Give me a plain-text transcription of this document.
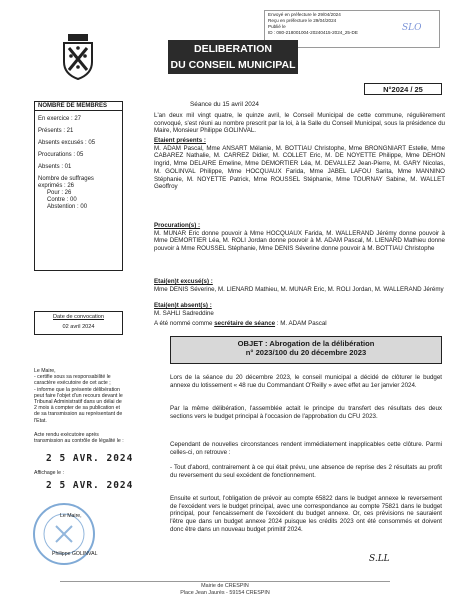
Envoyé en préfecture le 29/04/2024
Reçu en préfecture le 29/04/2024
Publié le
ID : 080-218001004-20240415-2024_25-DE	SLO
DELIBERATION
DU CONSEIL MUNICIPAL
N°2024 / 25
Séance du 15 avril 2024
NOMBRE DE MEMBRES
En exercice : 27
Présents : 21
Absents excusés : 05
Procurations : 05
Absents : 01
Nombre de suffrages exprimés : 26
Pour : 26
Contre : 00
Abstention : 00
L'an deux mil vingt quatre, le quinze avril, le Conseil Municipal de cette commune, régulièrement convoqué, s'est réuni au nombre prescrit par la loi, à la Salle du Conseil Municipal, sous la présidence du Maire, Monsieur Philippe GOLINVAL.
Etaient présents :
M. ADAM Pascal, Mme ANSART Mélanie, M. BOTTIAU Christophe, Mme BRONGNIART Estelle, Mme CABAREZ Nathalie, M. CARREZ Didier, M. COLLET Eric, M. DE NOYETTE Philippe, Mme DEHON Ingrid, Mme DELAIRE Emeline, Mme DEMORTIER Léa, M. DEVALLEZ Jean-Pierre, M. GARY Nicolas, M. GOLINVAL Philippe, Mme HOCQUAUX Farida, Mme JABEL LAFOU Sarita, Mme MANNINO Stéphanie, M. NOYETTE Patrick, Mme ROUSSEL Stéphanie, Mme TOURNAY Sabine, M. WALLET Geoffroy
Procuration(s) :
M. MUNAR Eric donne pouvoir à Mme HOCQUAUX Farida, M. WALLERAND Jérémy donne pouvoir à Mme DEMORTIER Léa, M. ROLI Jordan donne pouvoir à M. ADAM Pascal, M. LIENARD Mathieu donne pouvoir à Mme ROUSSEL Stéphanie, Mme DENIS Séverine donne pouvoir à M. BOTTIAU Christophe
Etai(en)t excusé(s) :
Mme DENIS Séverine, M. LIENARD Mathieu, M. MUNAR Eric, M. ROLI Jordan, M. WALLERAND Jérémy
Etai(en)t absent(s) :
M. SAHLI Sadreddine
A été nommé comme secrétaire de séance : M. ADAM Pascal
Date de convocation
02 avril 2024
Le Maire,
- certifie sous sa responsabilité le caractère exécutoire de cet acte ;
- informe que la présente délibération peut faire l'objet d'un recours devant le Tribunal Administratif dans un délai de 2 mois à compter de sa publication et de sa transmission au représentant de l'Etat.
Acte rendu exécutoire après transmission au contrôle de légalité le :
2 5 AVR. 2024
Affichage le :
2 5 AVR. 2024
Le Maire,
Philippe GOLINVAL
OBJET : Abrogation de la délibération
n° 2023/100 du 20 décembre 2023
Lors de la séance du 20 décembre 2023, le conseil municipal a décidé de clôturer le budget annexe du lotissement « 48 rue du Commandant O'Reilly » avec effet au 1er janvier 2024.
Par la même délibération, l'assemblée actait le principe du transfert des résultats des deux sections vers le budget principal à l'occasion de l'approbation du CFU 2023.
Cependant de nouvelles circonstances rendent immédiatement inapplicables cette clôture. Parmi celles-ci, on retrouve :
- Tout d'abord, contrairement à ce qui était prévu, une absence de reprise des 2 résultats au profit du reversement du seul excédent de fonctionnement.
Ensuite et surtout, l'obligation de prévoir au compte 65822 dans le budget annexe le reversement de l'excédent vers le budget principal, avec une correspondance au compte 75821 dans le budget principal, pour l'encaissement de l'excédent du budget annexe. Or, ces prévisions ne sauraient l'être que dans un budget annexe 2024 puisque les crédits 2023 ont été consommés et doivent donc être dans un nouveau budget primitif 2024.
S.LL
Mairie de CRESPIN
Place Jean Jaurès - 59154 CRESPIN
